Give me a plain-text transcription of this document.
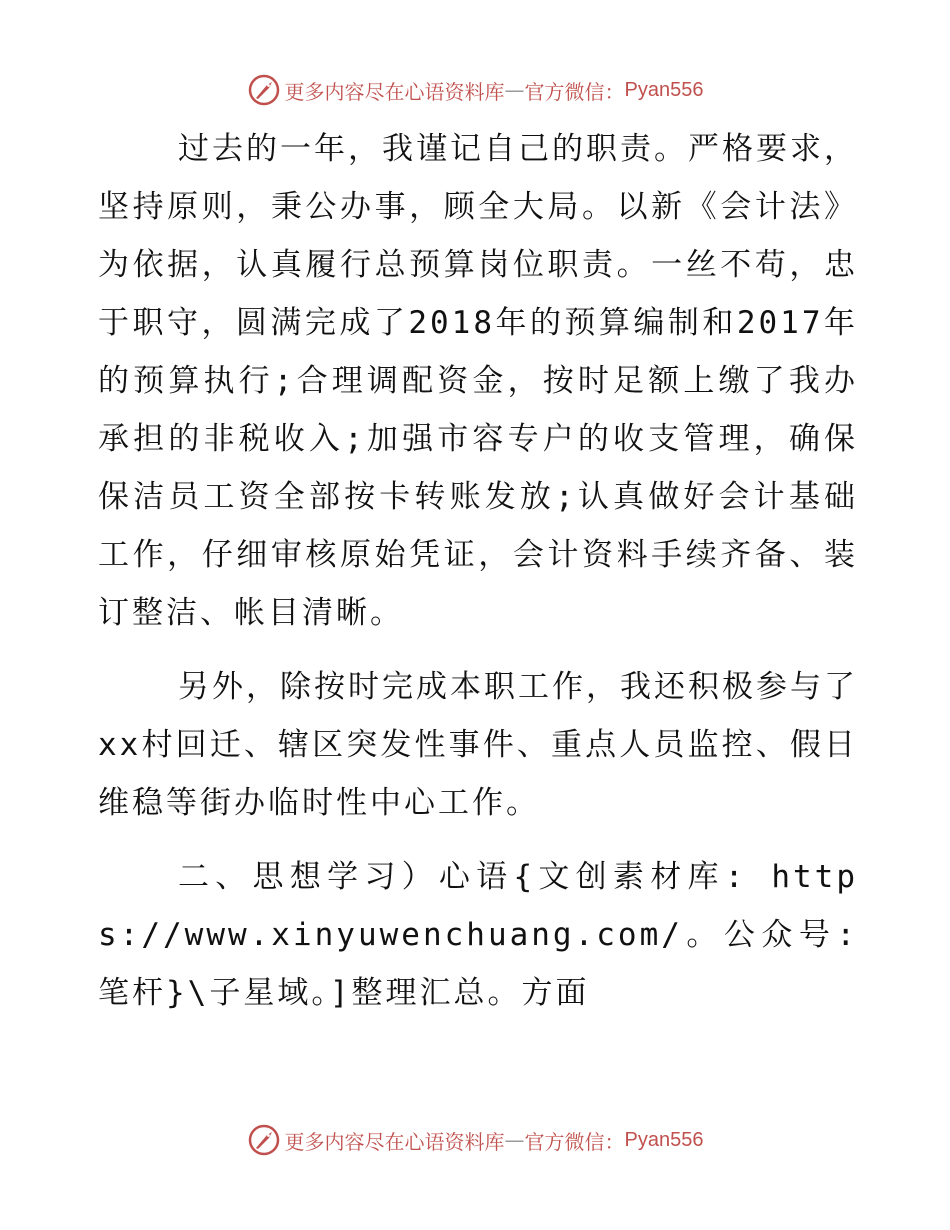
更多内容尽在心语资料库 — 官方微信： Pyan556

过去的一年，我谨记自己的职责。严格要求，坚持原则，秉公办事，顾全大局。以新《会计法》为依据，认真履行总预算岗位职责。一丝不苟，忠于职守，圆满完成了2018年的预算编制和2017年的预算执行;合理调配资金，按时足额上缴了我办承担的非税收入;加强市容专户的收支管理，确保保洁员工资全部按卡转账发放;认真做好会计基础工作，仔细审核原始凭证，会计资料手续齐备、装订整洁、帐目清晰。

另外，除按时完成本职工作，我还积极参与了xx村回迁、辖区突发性事件、重点人员监控、假日维稳等街办临时性中心工作。

二、思想学习）心语{文创素材库: https://www.xinyuwenchuang.com/。公众号: 笔杆}\子星域。]整理汇总。方面

更多内容尽在心语资料库 — 官方微信： Pyan556
